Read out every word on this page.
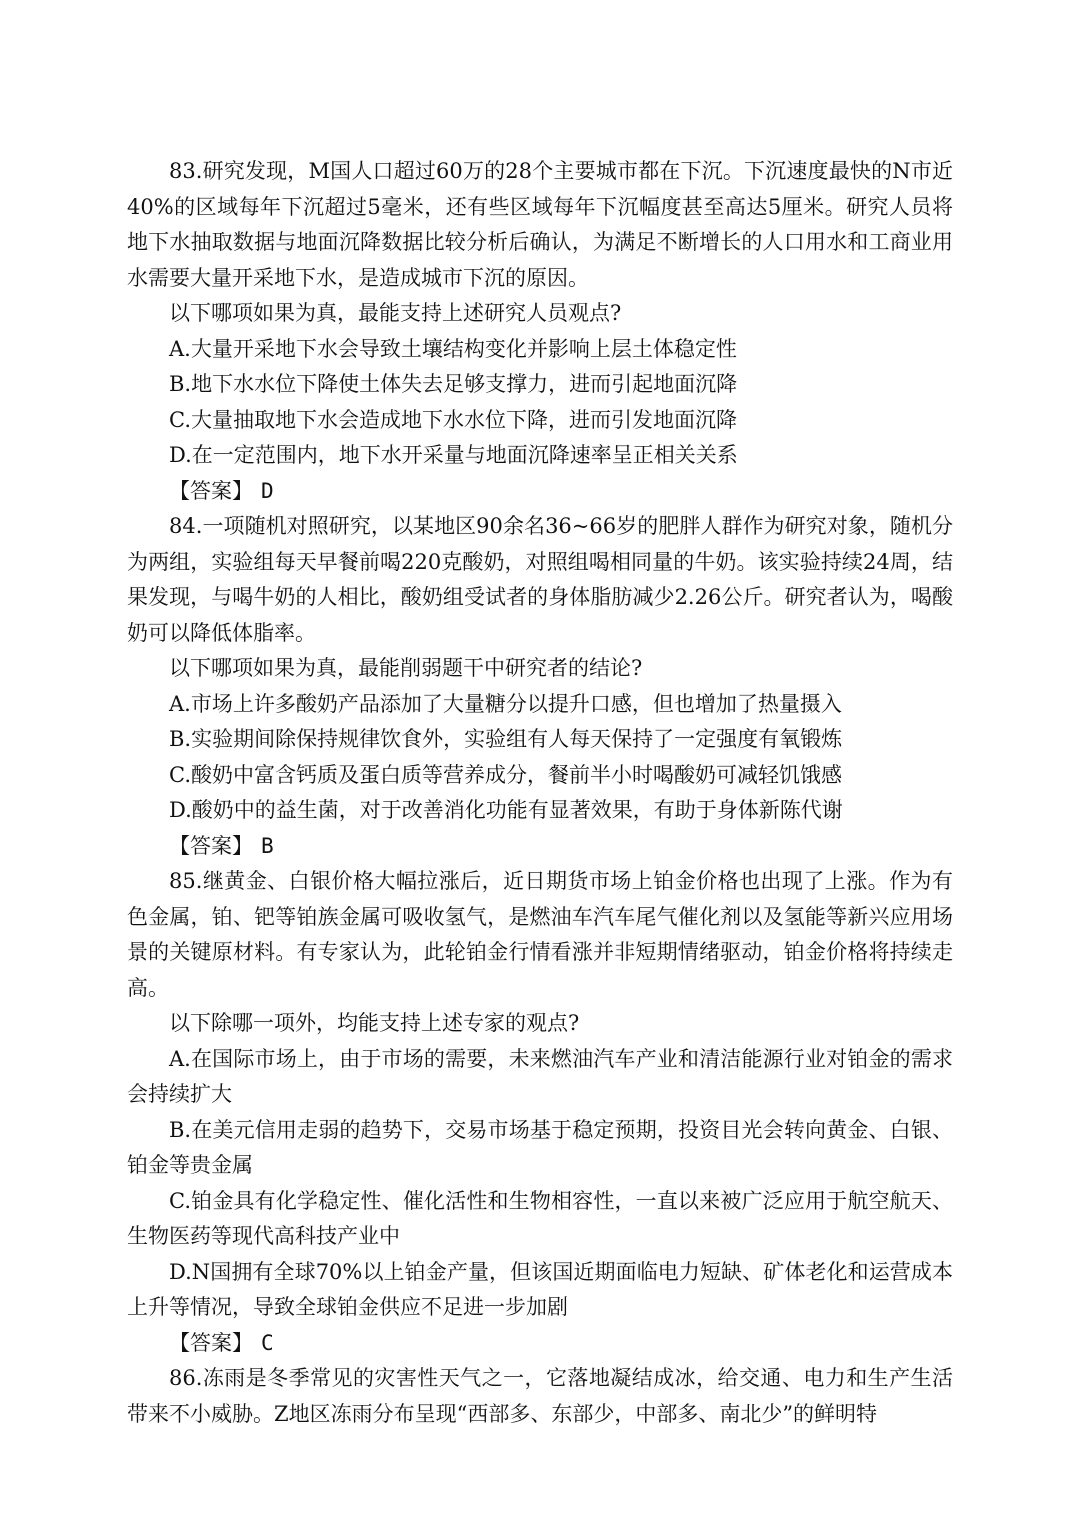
83.研究发现，M国人口超过60万的28个主要城市都在下沉。下沉速度最快的N市近40%的区域每年下沉超过5毫米，还有些区域每年下沉幅度甚至高达5厘米。研究人员将地下水抽取数据与地面沉降数据比较分析后确认，为满足不断增长的人口用水和工商业用水需要大量开采地下水，是造成城市下沉的原因。

以下哪项如果为真，最能支持上述研究人员观点?

A.大量开采地下水会导致土壤结构变化并影响上层土体稳定性

B.地下水水位下降使土体失去足够支撑力，进而引起地面沉降

C.大量抽取地下水会造成地下水水位下降，进而引发地面沉降

D.在一定范围内，地下水开采量与地面沉降速率呈正相关关系

【答案】 D

84.一项随机对照研究，以某地区90余名36~66岁的肥胖人群作为研究对象，随机分为两组，实验组每天早餐前喝220克酸奶，对照组喝相同量的牛奶。该实验持续24周，结果发现，与喝牛奶的人相比，酸奶组受试者的身体脂肪减少2.26公斤。研究者认为，喝酸奶可以降低体脂率。

以下哪项如果为真，最能削弱题干中研究者的结论?

A.市场上许多酸奶产品添加了大量糖分以提升口感，但也增加了热量摄入

B.实验期间除保持规律饮食外，实验组有人每天保持了一定强度有氧锻炼

C.酸奶中富含钙质及蛋白质等营养成分，餐前半小时喝酸奶可减轻饥饿感

D.酸奶中的益生菌，对于改善消化功能有显著效果，有助于身体新陈代谢

【答案】 B

85.继黄金、白银价格大幅拉涨后，近日期货市场上铂金价格也出现了上涨。作为有色金属，铂、钯等铂族金属可吸收氢气，是燃油车汽车尾气催化剂以及氢能等新兴应用场景的关键原材料。有专家认为，此轮铂金行情看涨并非短期情绪驱动，铂金价格将持续走高。

以下除哪一项外，均能支持上述专家的观点?

A.在国际市场上，由于市场的需要，未来燃油汽车产业和清洁能源行业对铂金的需求会持续扩大

B.在美元信用走弱的趋势下，交易市场基于稳定预期，投资目光会转向黄金、白银、铂金等贵金属

C.铂金具有化学稳定性、催化活性和生物相容性，一直以来被广泛应用于航空航天、生物医药等现代高科技产业中

D.N国拥有全球70%以上铂金产量，但该国近期面临电力短缺、矿体老化和运营成本上升等情况，导致全球铂金供应不足进一步加剧

【答案】 C

86.冻雨是冬季常见的灾害性天气之一，它落地凝结成冰，给交通、电力和生产生活带来不小威胁。Z地区冻雨分布呈现“西部多、东部少，中部多、南北少”的鲜明特
